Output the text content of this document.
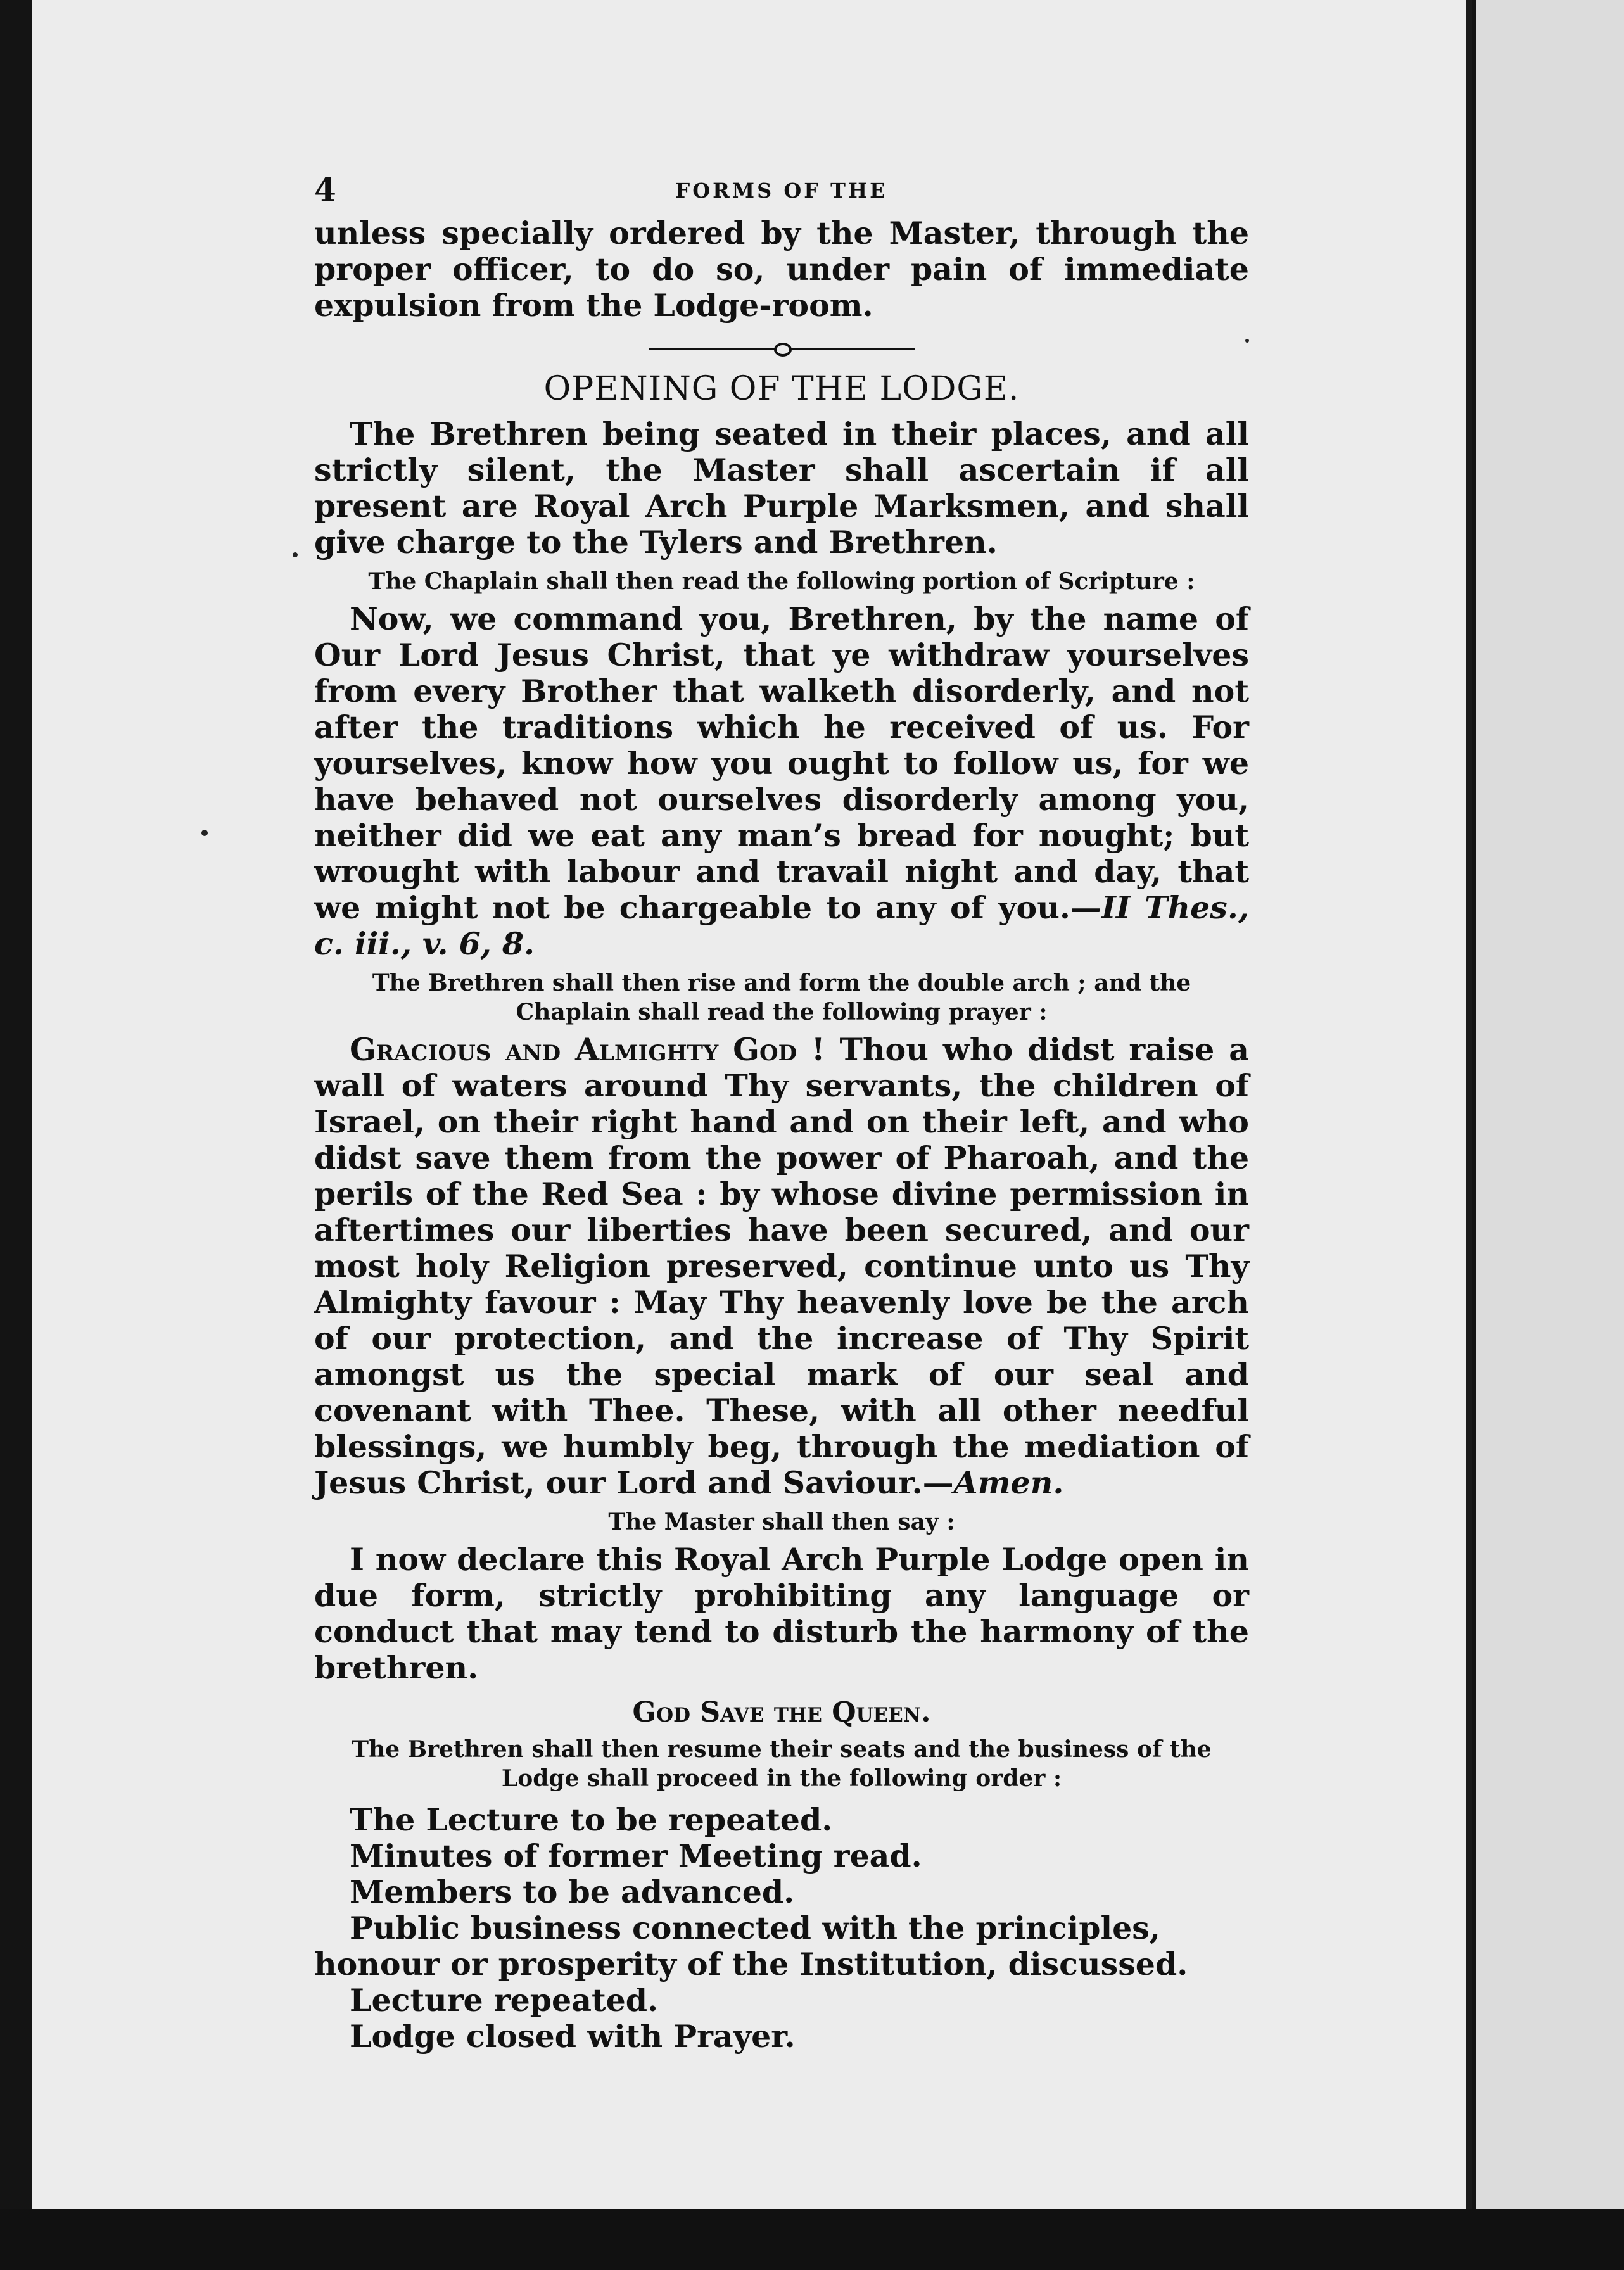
4	FORMS OF THE

unless specially ordered by the Master, through the proper officer, to do so, under pain of immediate expulsion from the Lodge-room.

OPENING OF THE LODGE.

The Brethren being seated in their places, and all strictly silent, the Master shall ascertain if all present are Royal Arch Purple Marksmen, and shall give charge to the Tylers and Brethren.

The Chaplain shall then read the following portion of Scripture :

Now, we command you, Brethren, by the name of Our Lord Jesus Christ, that ye withdraw yourselves from every Brother that walketh disorderly, and not after the traditions which he received of us. For yourselves, know how you ought to follow us, for we have behaved not ourselves disorderly among you, neither did we eat any man’s bread for nought; but wrought with labour and travail night and day, that we might not be chargeable to any of you.—II Thes., c. iii., v. 6, 8.

The Brethren shall then rise and form the double arch ; and the Chaplain shall read the following prayer :

Gracious and Almighty God ! Thou who didst raise a wall of waters around Thy servants, the children of Israel, on their right hand and on their left, and who didst save them from the power of Pharoah, and the perils of the Red Sea : by whose divine permission in aftertimes our liberties have been secured, and our most holy Religion preserved, continue unto us Thy Almighty favour : May Thy heavenly love be the arch of our protection, and the increase of Thy Spirit amongst us the special mark of our seal and covenant with Thee. These, with all other needful blessings, we humbly beg, through the mediation of Jesus Christ, our Lord and Saviour.—Amen.

The Master shall then say :

I now declare this Royal Arch Purple Lodge open in due form, strictly prohibiting any language or conduct that may tend to disturb the harmony of the brethren.

God Save the Queen.
The Brethren shall then resume their seats and the business of the Lodge shall proceed in the following order :
The Lecture to be repeated.
Minutes of former Meeting read.
Members to be advanced.
Public business connected with the principles, honour or prosperity of the Institution, discussed.
Lecture repeated.
Lodge closed with Prayer.
